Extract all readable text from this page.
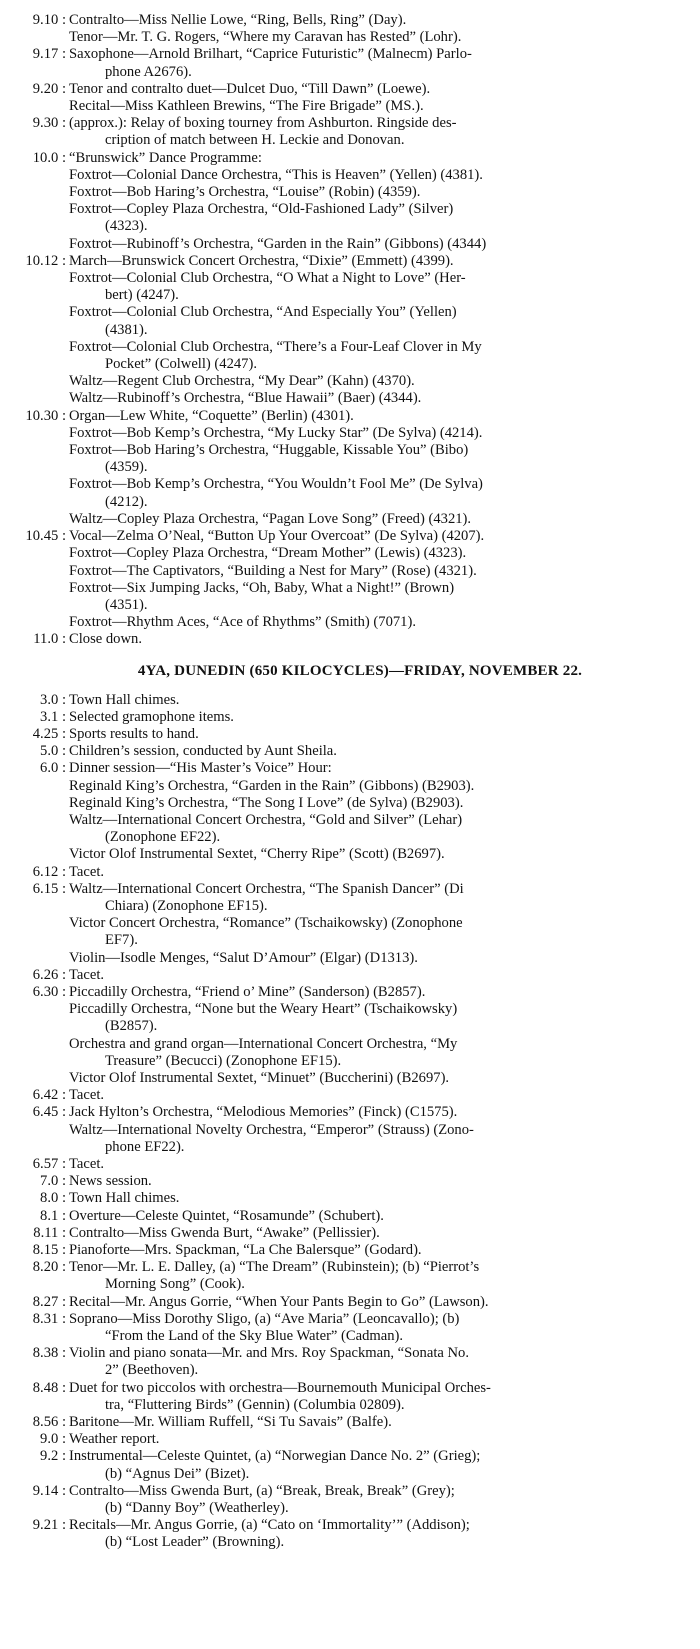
9.10 : Contralto—Miss Nellie Lowe, “Ring, Bells, Ring” (Day).
Tenor—Mr. T. G. Rogers, “Where my Caravan has Rested” (Lohr).
9.17 : Saxophone—Arnold Brilhart, “Caprice Futuristic” (Malnecm) Parlo-
phone A2676).
9.20 : Tenor and contralto duet—Dulcet Duo, “Till Dawn” (Loewe).
Recital—Miss Kathleen Brewins, “The Fire Brigade” (MS.).
9.30 : (approx.): Relay of boxing tourney from Ashburton. Ringside des-
cription of match between H. Leckie and Donovan.
10.0 : “Brunswick” Dance Programme:
Foxtrot—Colonial Dance Orchestra, “This is Heaven” (Yellen) (4381).
Foxtrot—Bob Haring’s Orchestra, “Louise” (Robin) (4359).
Foxtrot—Copley Plaza Orchestra, “Old-Fashioned Lady” (Silver)
(4323).
Foxtrot—Rubinoff’s Orchestra, “Garden in the Rain” (Gibbons) (4344)
10.12 : March—Brunswick Concert Orchestra, “Dixie” (Emmett) (4399).
Foxtrot—Colonial Club Orchestra, “O What a Night to Love” (Her-
bert) (4247).
Foxtrot—Colonial Club Orchestra, “And Especially You” (Yellen)
(4381).
Foxtrot—Colonial Club Orchestra, “There’s a Four-Leaf Clover in My
Pocket” (Colwell) (4247).
Waltz—Regent Club Orchestra, “My Dear” (Kahn) (4370).
Waltz—Rubinoff’s Orchestra, “Blue Hawaii” (Baer) (4344).
10.30 : Organ—Lew White, “Coquette” (Berlin) (4301).
Foxtrot—Bob Kemp’s Orchestra, “My Lucky Star” (De Sylva) (4214).
Foxtrot—Bob Haring’s Orchestra, “Huggable, Kissable You” (Bibo)
(4359).
Foxtrot—Bob Kemp’s Orchestra, “You Wouldn’t Fool Me” (De Sylva)
(4212).
Waltz—Copley Plaza Orchestra, “Pagan Love Song” (Freed) (4321).
10.45 : Vocal—Zelma O’Neal, “Button Up Your Overcoat” (De Sylva) (4207).
Foxtrot—Copley Plaza Orchestra, “Dream Mother” (Lewis) (4323).
Foxtrot—The Captivators, “Building a Nest for Mary” (Rose) (4321).
Foxtrot—Six Jumping Jacks, “Oh, Baby, What a Night!” (Brown)
(4351).
Foxtrot—Rhythm Aces, “Ace of Rhythms” (Smith) (7071).
11.0 : Close down.
4YA, DUNEDIN (650 KILOCYCLES)—FRIDAY, NOVEMBER 22.
3.0 : Town Hall chimes.
3.1 : Selected gramophone items.
4.25 : Sports results to hand.
5.0 : Children’s session, conducted by Aunt Sheila.
6.0 : Dinner session—“His Master’s Voice” Hour:
Reginald King’s Orchestra, “Garden in the Rain” (Gibbons) (B2903).
Reginald King’s Orchestra, “The Song I Love” (de Sylva) (B2903).
Waltz—International Concert Orchestra, “Gold and Silver” (Lehar)
(Zonophone EF22).
Victor Olof Instrumental Sextet, “Cherry Ripe” (Scott) (B2697).
6.12 : Tacet.
6.15 : Waltz—International Concert Orchestra, “The Spanish Dancer” (Di
Chiara) (Zonophone EF15).
Victor Concert Orchestra, “Romance” (Tschaikowsky) (Zonophone
EF7).
Violin—Isodle Menges, “Salut D’Amour” (Elgar) (D1313).
6.26 : Tacet.
6.30 : Piccadilly Orchestra, “Friend o’ Mine” (Sanderson) (B2857).
Piccadilly Orchestra, “None but the Weary Heart” (Tschaikowsky)
(B2857).
Orchestra and grand organ—International Concert Orchestra, “My
Treasure” (Becucci) (Zonophone EF15).
Victor Olof Instrumental Sextet, “Minuet” (Buccherini) (B2697).
6.42 : Tacet.
6.45 : Jack Hylton’s Orchestra, “Melodious Memories” (Finck) (C1575).
Waltz—International Novelty Orchestra, “Emperor” (Strauss) (Zono-
phone EF22).
6.57 : Tacet.
7.0 : News session.
8.0 : Town Hall chimes.
8.1 : Overture—Celeste Quintet, “Rosamunde” (Schubert).
8.11 : Contralto—Miss Gwenda Burt, “Awake” (Pellissier).
8.15 : Pianoforte—Mrs. Spackman, “La Che Balersque” (Godard).
8.20 : Tenor—Mr. L. E. Dalley, (a) “The Dream” (Rubinstein); (b) “Pierrot’s
Morning Song” (Cook).
8.27 : Recital—Mr. Angus Gorrie, “When Your Pants Begin to Go” (Lawson).
8.31 : Soprano—Miss Dorothy Sligo, (a) “Ave Maria” (Leoncavallo); (b)
“From the Land of the Sky Blue Water” (Cadman).
8.38 : Violin and piano sonata—Mr. and Mrs. Roy Spackman, “Sonata No.
2” (Beethoven).
8.48 : Duet for two piccolos with orchestra—Bournemouth Municipal Orches-
tra, “Fluttering Birds” (Gennin) (Columbia 02809).
8.56 : Baritone—Mr. William Ruffell, “Si Tu Savais” (Balfe).
9.0 : Weather report.
9.2 : Instrumental—Celeste Quintet, (a) “Norwegian Dance No. 2” (Grieg);
(b) “Agnus Dei” (Bizet).
9.14 : Contralto—Miss Gwenda Burt, (a) “Break, Break, Break” (Grey);
(b) “Danny Boy” (Weatherley).
9.21 : Recitals—Mr. Angus Gorrie, (a) “Cato on ‘Immortality’” (Addison);
(b) “Lost Leader” (Browning).
